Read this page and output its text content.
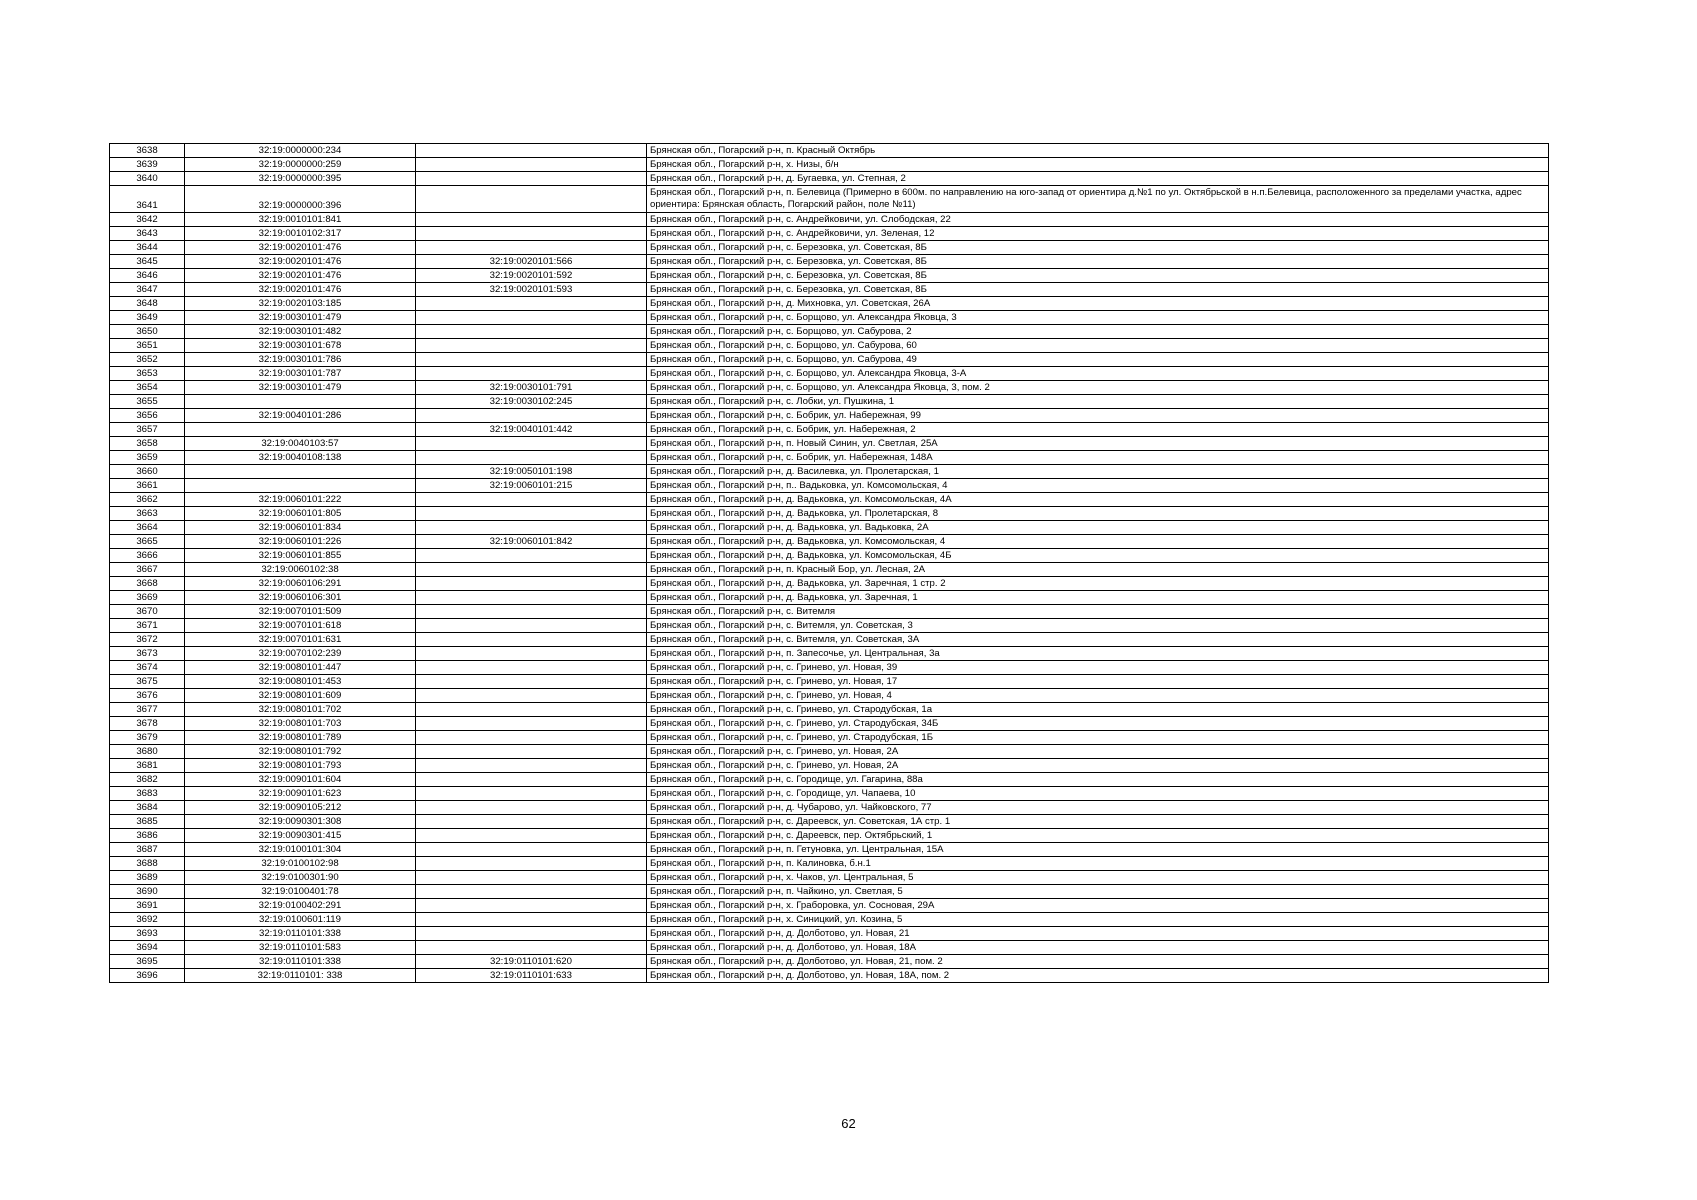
3638	32:19:0000000:234		Брянская обл., Погарский р-н, п. Красный Октябрь
3639	32:19:0000000:259		Брянская обл., Погарский р-н, х. Низы, б/н
3640	32:19:0000000:395		Брянская обл., Погарский р-н, д. Бугаевка, ул. Степная, 2
3641	32:19:0000000:396		Брянская обл., Погарский р-н, п. Белевица (Примерно в 600м. по направлению на юго-запад от ориентира д.№1 по ул. Октябрьской в н.п.Белевица, расположенного за пределами участка, адрес ориентира: Брянская область, Погарский район, поле №11)
3642	32:19:0010101:841		Брянская обл., Погарский р-н, с. Андрейковичи, ул. Слободская, 22
3643	32:19:0010102:317		Брянская обл., Погарский р-н, с. Андрейковичи, ул. Зеленая, 12
3644	32:19:0020101:476		Брянская обл., Погарский р-н, с. Березовка, ул. Советская, 8Б
3645	32:19:0020101:476	32:19:0020101:566	Брянская обл., Погарский р-н, с. Березовка, ул. Советская, 8Б
3646	32:19:0020101:476	32:19:0020101:592	Брянская обл., Погарский р-н, с. Березовка, ул. Советская, 8Б
3647	32:19:0020101:476	32:19:0020101:593	Брянская обл., Погарский р-н, с. Березовка, ул. Советская, 8Б
3648	32:19:0020103:185		Брянская обл., Погарский р-н, д. Михновка, ул. Советская, 26А
3649	32:19:0030101:479		Брянская обл., Погарский р-н, с. Борщово, ул. Александра Яковца, 3
3650	32:19:0030101:482		Брянская обл., Погарский р-н, с. Борщово, ул. Сабурова, 2
3651	32:19:0030101:678		Брянская обл., Погарский р-н, с. Борщово, ул. Сабурова, 60
3652	32:19:0030101:786		Брянская обл., Погарский р-н, с. Борщово, ул. Сабурова, 49
3653	32:19:0030101:787		Брянская обл., Погарский р-н, с. Борщово, ул. Александра Яковца, 3-А
3654	32:19:0030101:479	32:19:0030101:791	Брянская обл., Погарский р-н, с. Борщово, ул. Александра Яковца, 3, пом. 2
3655		32:19:0030102:245	Брянская обл., Погарский р-н, с. Лобки, ул. Пушкина, 1
3656	32:19:0040101:286		Брянская обл., Погарский р-н, с. Бобрик, ул. Набережная, 99
3657		32:19:0040101:442	Брянская обл., Погарский р-н, с. Бобрик, ул. Набережная, 2
3658	32:19:0040103:57		Брянская обл., Погарский р-н, п. Новый Синин, ул. Светлая, 25А
3659	32:19:0040108:138		Брянская обл., Погарский р-н, с. Бобрик, ул. Набережная, 148А
3660		32:19:0050101:198	Брянская обл., Погарский р-н, д. Василевка, ул. Пролетарская, 1
3661		32:19:0060101:215	Брянская обл., Погарский р-н, п.. Вадьковка, ул. Комсомольская, 4
3662	32:19:0060101:222		Брянская обл., Погарский р-н, д. Вадьковка, ул. Комсомольская, 4А
3663	32:19:0060101:805		Брянская обл., Погарский р-н, д. Вадьковка, ул. Пролетарская, 8
3664	32:19:0060101:834		Брянская обл., Погарский р-н, д. Вадьковка, ул. Вадьковка, 2А
3665	32:19:0060101:226	32:19:0060101:842	Брянская обл., Погарский р-н, д. Вадьковка, ул. Комсомольская, 4
3666	32:19:0060101:855		Брянская обл., Погарский р-н, д. Вадьковка, ул. Комсомольская, 4Б
3667	32:19:0060102:38		Брянская обл., Погарский р-н, п. Красный Бор, ул. Лесная, 2А
3668	32:19:0060106:291		Брянская обл., Погарский р-н, д. Вадьковка, ул. Заречная, 1 стр. 2
3669	32:19:0060106:301		Брянская обл., Погарский р-н, д. Вадьковка, ул. Заречная, 1
3670	32:19:0070101:509		Брянская обл., Погарский р-н, с. Витемля
3671	32:19:0070101:618		Брянская обл., Погарский р-н, с. Витемля, ул. Советская, 3
3672	32:19:0070101:631		Брянская обл., Погарский р-н, с. Витемля, ул. Советская, 3А
3673	32:19:0070102:239		Брянская обл., Погарский р-н, п. Запесочье, ул. Центральная, 3а
3674	32:19:0080101:447		Брянская обл., Погарский р-н, с. Гринево, ул. Новая, 39
3675	32:19:0080101:453		Брянская обл., Погарский р-н, с. Гринево, ул. Новая, 17
3676	32:19:0080101:609		Брянская обл., Погарский р-н, с. Гринево, ул. Новая, 4
3677	32:19:0080101:702		Брянская обл., Погарский р-н, с. Гринево, ул. Стародубская, 1а
3678	32:19:0080101:703		Брянская обл., Погарский р-н, с. Гринево, ул. Стародубская, 34Б
3679	32:19:0080101:789		Брянская обл., Погарский р-н, с. Гринево, ул. Стародубская, 1Б
3680	32:19:0080101:792		Брянская обл., Погарский р-н, с. Гринево, ул. Новая, 2А
3681	32:19:0080101:793		Брянская обл., Погарский р-н, с. Гринево, ул. Новая, 2А
3682	32:19:0090101:604		Брянская обл., Погарский р-н, с. Городище, ул. Гагарина, 88а
3683	32:19:0090101:623		Брянская обл., Погарский р-н, с. Городище, ул. Чапаева, 10
3684	32:19:0090105:212		Брянская обл., Погарский р-н, д. Чубарово, ул. Чайковского, 77
3685	32:19:0090301:308		Брянская обл., Погарский р-н, с. Дареевск, ул. Советская, 1А стр. 1
3686	32:19:0090301:415		Брянская обл., Погарский р-н, с. Дареевск, пер. Октябрьский, 1
3687	32:19:0100101:304		Брянская обл., Погарский р-н, п. Гетуновка, ул. Центральная, 15А
3688	32:19:0100102:98		Брянская обл., Погарский р-н, п. Калиновка, б.н.1
3689	32:19:0100301:90		Брянская обл., Погарский р-н, х. Чаков, ул. Центральная, 5
3690	32:19:0100401:78		Брянская обл., Погарский р-н, п. Чайкино, ул. Светлая, 5
3691	32:19:0100402:291		Брянская обл., Погарский р-н, х. Граборовка, ул. Сосновая, 29А
3692	32:19:0100601:119		Брянская обл., Погарский р-н, х. Синицкий, ул. Козина, 5
3693	32:19:0110101:338		Брянская обл., Погарский р-н, д. Долботово, ул. Новая, 21
3694	32:19:0110101:583		Брянская обл., Погарский р-н, д. Долботово, ул. Новая, 18А
3695	32:19:0110101:338	32:19:0110101:620	Брянская обл., Погарский р-н, д. Долботово, ул. Новая, 21, пом. 2
3696	32:19:0110101: 338	32:19:0110101:633	Брянская обл., Погарский р-н, д. Долботово, ул. Новая, 18А, пом. 2
62
